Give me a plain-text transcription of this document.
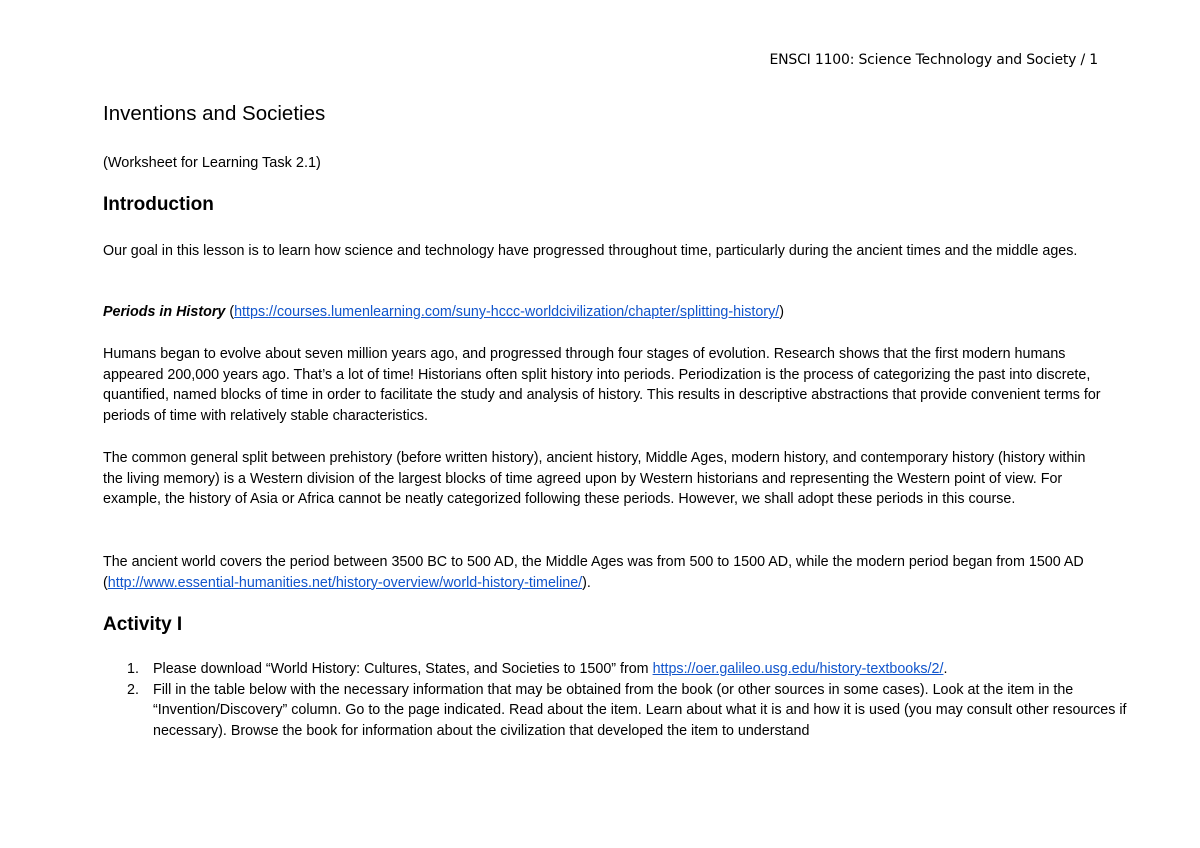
ENSCI 1100: Science Technology and Society / 1
Inventions and Societies
(Worksheet for Learning Task 2.1)
Introduction

Our goal in this lesson is to learn how science and technology have progressed throughout time, particularly during the ancient times and the middle ages.

Periods in History (https://courses.lumenlearning.com/suny-hccc-worldcivilization/chapter/splitting-history/)

Humans began to evolve about seven million years ago, and progressed through four stages of evolution. Research shows that the first modern humans appeared 200,000 years ago. That’s a lot of time! Historians often split history into periods. Periodization is the process of categorizing the past into discrete, quantified, named blocks of time in order to facilitate the study and analysis of history. This results in descriptive abstractions that provide convenient terms for periods of time with relatively stable characteristics.

The common general split between prehistory (before written history), ancient history, Middle Ages, modern history, and contemporary history (history within the living memory) is a Western division of the largest blocks of time agreed upon by Western historians and representing the Western point of view. For example, the history of Asia or Africa cannot be neatly categorized following these periods. However, we shall adopt these periods in this course.

The ancient world covers the period between 3500 BC to 500 AD, the Middle Ages was from 500 to 1500 AD, while the modern period began from 1500 AD (http://www.essential-humanities.net/history-overview/world-history-timeline/).

Activity I
1. Please download “World History: Cultures, States, and Societies to 1500” from https://oer.galileo.usg.edu/history-textbooks/2/.
2. Fill in the table below with the necessary information that may be obtained from the book (or other sources in some cases). Look at the item in the “Invention/Discovery” column. Go to the page indicated. Read about the item. Learn about what it is and how it is used (you may consult other resources if necessary). Browse the book for information about the civilization that developed the item to understand
